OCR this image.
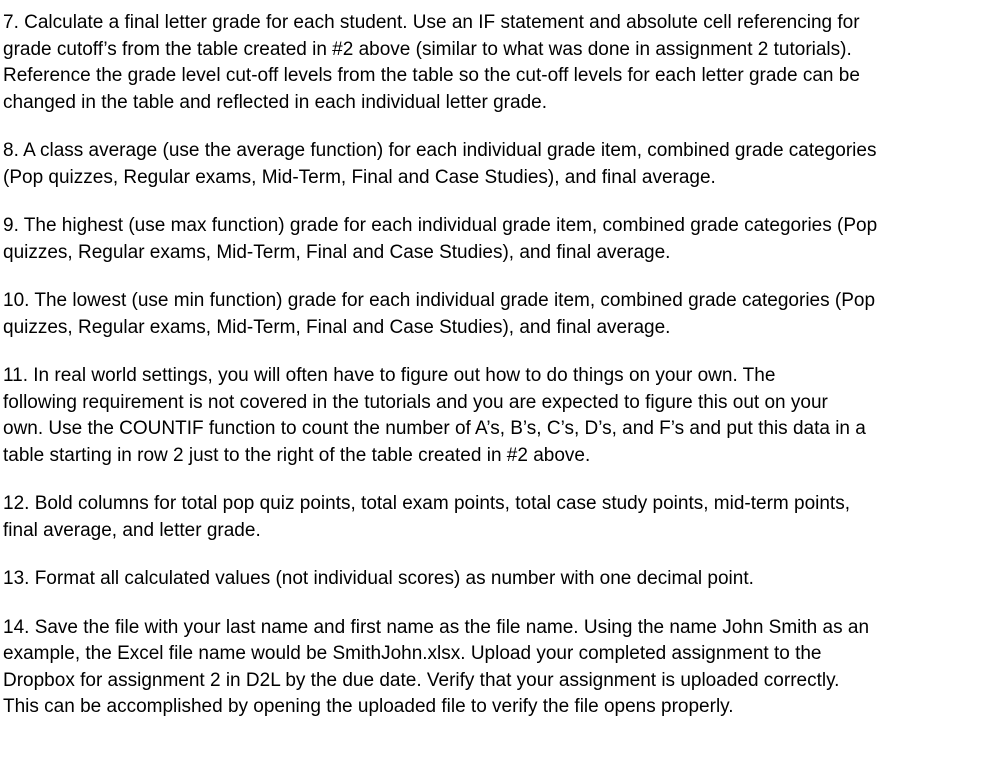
7. Calculate a final letter grade for each student. Use an IF statement and absolute cell referencing for
grade cutoff’s from the table created in #2 above (similar to what was done in assignment 2 tutorials).
Reference the grade level cut-off levels from the table so the cut-off levels for each letter grade can be
changed in the table and reflected in each individual letter grade.
8. A class average (use the average function) for each individual grade item, combined grade categories
(Pop quizzes, Regular exams, Mid-Term, Final and Case Studies), and final average.
9. The highest (use max function) grade for each individual grade item, combined grade categories (Pop
quizzes, Regular exams, Mid-Term, Final and Case Studies), and final average.
10. The lowest (use min function) grade for each individual grade item, combined grade categories (Pop
quizzes, Regular exams, Mid-Term, Final and Case Studies), and final average.
11. In real world settings, you will often have to figure out how to do things on your own. The
following requirement is not covered in the tutorials and you are expected to figure this out on your
own. Use the COUNTIF function to count the number of A’s, B’s, C’s, D’s, and F’s and put this data in a
table starting in row 2 just to the right of the table created in #2 above.
12. Bold columns for total pop quiz points, total exam points, total case study points, mid-term points,
final average, and letter grade.
13. Format all calculated values (not individual scores) as number with one decimal point.
14. Save the file with your last name and first name as the file name. Using the name John Smith as an
example, the Excel file name would be SmithJohn.xlsx. Upload your completed assignment to the
Dropbox for assignment 2 in D2L by the due date. Verify that your assignment is uploaded correctly.
This can be accomplished by opening the uploaded file to verify the file opens properly.
